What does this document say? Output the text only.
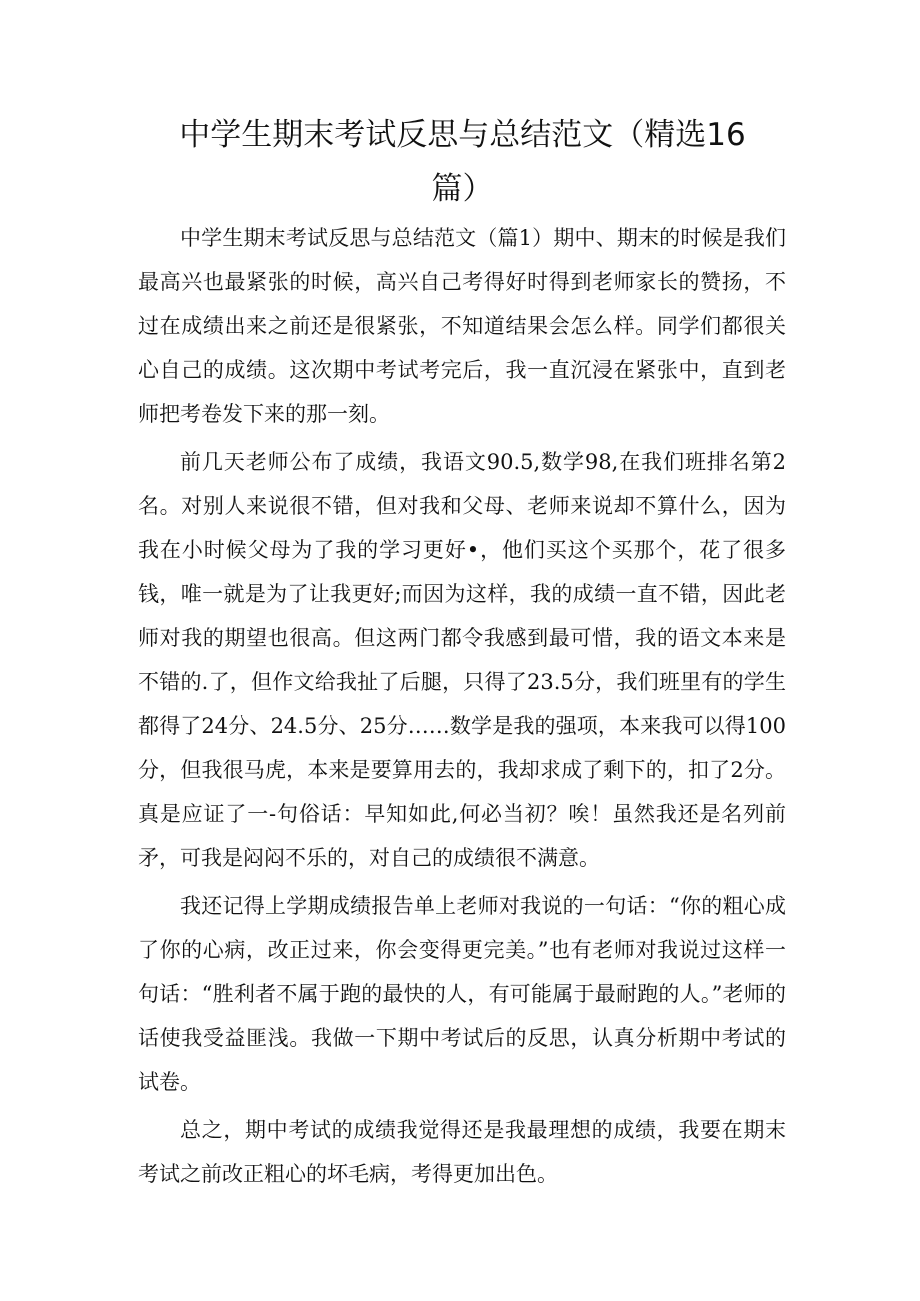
中学生期末考试反思与总结范文（精选16
篇）

中学生期末考试反思与总结范文（篇1）期中、期末的时候是我们最高兴也最紧张的时候，高兴自己考得好时得到老师家长的赞扬，不过在成绩出来之前还是很紧张，不知道结果会怎么样。同学们都很关心自己的成绩。这次期中考试考完后，我一直沉浸在紧张中，直到老师把考卷发下来的那一刻。

前几天老师公布了成绩，我语文90.5,数学98,在我们班排名第2名。对别人来说很不错，但对我和父母、老师来说却不算什么，因为我在小时候父母为了我的学习更好•，他们买这个买那个，花了很多钱，唯一就是为了让我更好;而因为这样，我的成绩一直不错，因此老师对我的期望也很高。但这两门都令我感到最可惜，我的语文本来是不错的.了，但作文给我扯了后腿，只得了23.5分，我们班里有的学生都得了24分、24.5分、25分……数学是我的强项，本来我可以得100分，但我很马虎，本来是要算用去的，我却求成了剩下的，扣了2分。真是应证了一-句俗话：早知如此,何必当初？唉！虽然我还是名列前矛，可我是闷闷不乐的，对自己的成绩很不满意。

我还记得上学期成绩报告单上老师对我说的一句话：“你的粗心成了你的心病，改正过来，你会变得更完美。”也有老师对我说过这样一句话：“胜利者不属于跑的最快的人，有可能属于最耐跑的人。”老师的话使我受益匪浅。我做一下期中考试后的反思，认真分析期中考试的试卷。

总之，期中考试的成绩我觉得还是我最理想的成绩，我要在期末考试之前改正粗心的坏毛病，考得更加出色。
